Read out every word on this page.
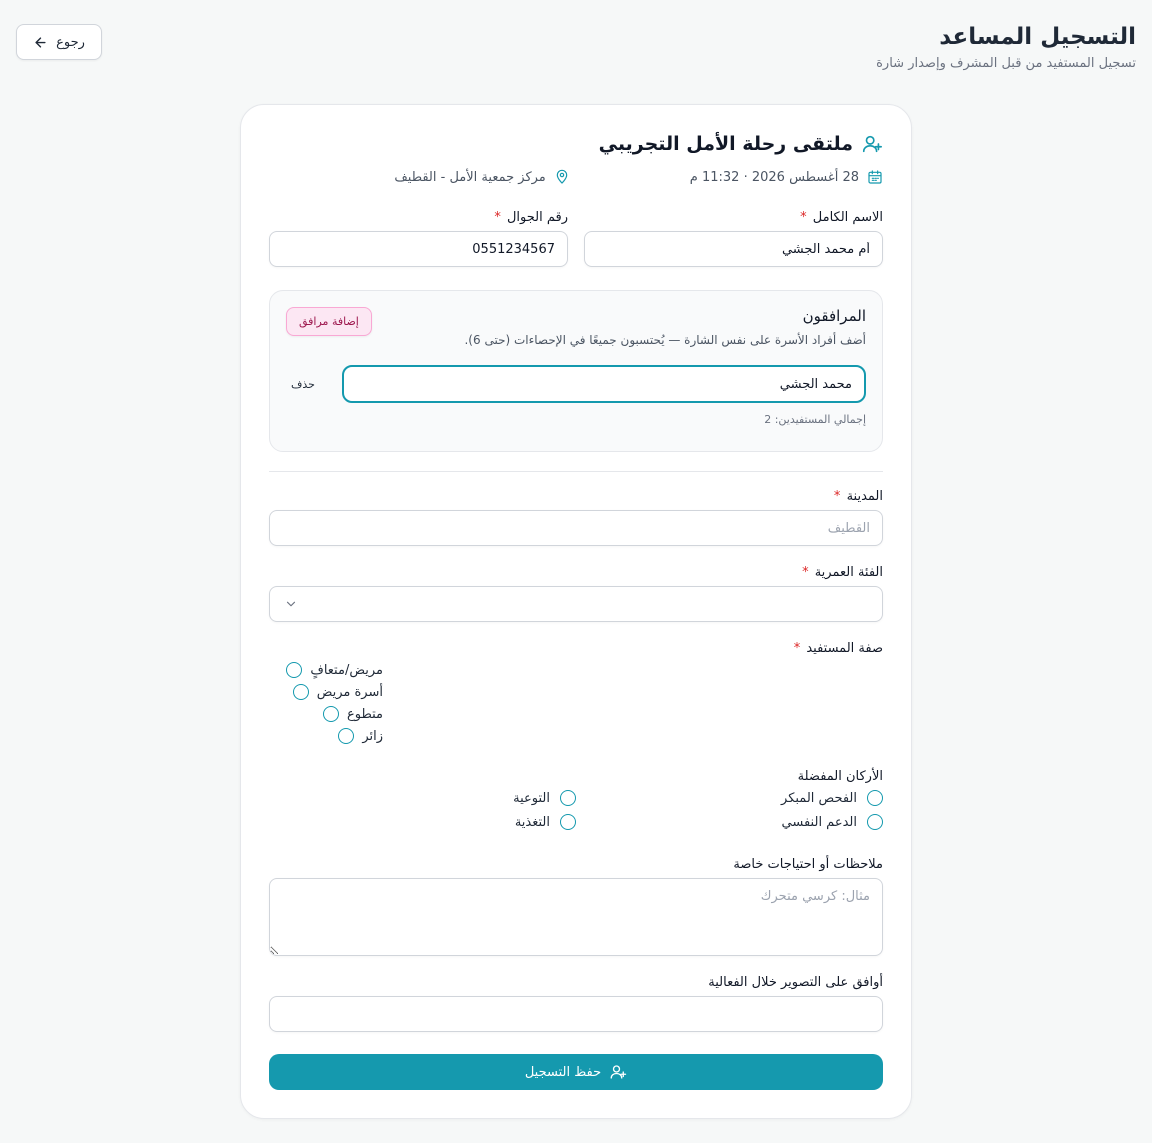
التسجيل المساعد

تسجيل المستفيد من قبل المشرف وإصدار شارة

رجوع
ملتقى رحلة الأمل التجريبي
28 أغسطس 2026 · 11:32 م
مركز جمعية الأمل - القطيف
الاسم الكامل *
أم محمد الجشي
رقم الجوال *
0551234567
المرافقون
أضف أفراد الأسرة على نفس الشارة — يُحتسبون جميعًا في الإحصاءات (حتى 6).
إضافة مرافق
محمد الجشي
حذف
إجمالي المستفيدين: 2
المدينة *
القطيف
الفئة العمرية *
صفة المستفيد *
مريض/متعافٍ
أسرة مريض
متطوع
زائر
الأركان المفضلة
الفحص المبكر
التوعية
الدعم النفسي
التغذية
ملاحظات أو احتياجات خاصة
مثال: كرسي متحرك
أوافق على التصوير خلال الفعالية
حفظ التسجيل
